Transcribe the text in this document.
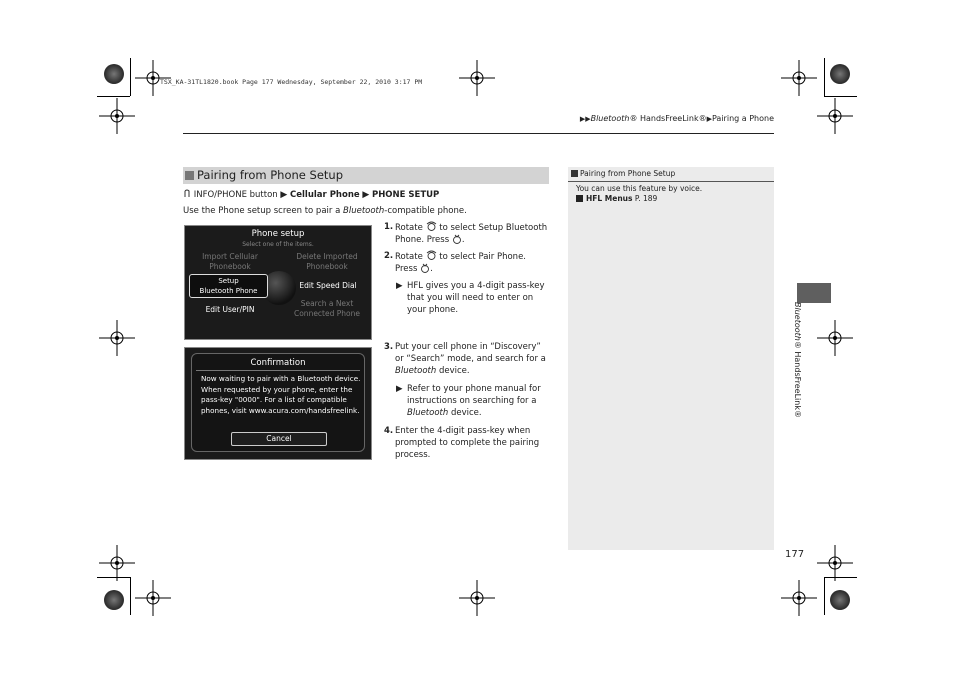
TSX_KA-31TL1820.book Page 177 Wednesday, September 22, 2010 3:17 PM
▶▶Bluetooth® HandsFreeLink®▶Pairing a Phone
Pairing from Phone Setup
INFO/PHONE button ▶ Cellular Phone ▶ PHONE SETUP
Use the Phone setup screen to pair a Bluetooth-compatible phone.
Phone setup
Select one of the items.
Import Cellular
Phonebook
Delete Imported
Phonebook
Setup
Bluetooth Phone
Edit Speed Dial
Edit User/PIN
Search a Next
Connected Phone
Confirmation
Now waiting to pair with a Bluetooth device. When requested by your phone, enter the pass-key "0000". For a list of compatible phones, visit www.acura.com/handsfreelink.
Cancel
1. Rotate to select Setup Bluetooth Phone. Press .
2. Rotate to select Pair Phone.
Press .
▶ HFL gives you a 4-digit pass-key that you will need to enter on your phone.
3. Put your cell phone in “Discovery” or “Search” mode, and search for a Bluetooth device.
▶ Refer to your phone manual for instructions on searching for a Bluetooth device.
4. Enter the 4-digit pass-key when prompted to complete the pairing process.
Pairing from Phone Setup
You can use this feature by voice.
HFL Menus P. 189
Bluetooth® HandsFreeLink®
177
